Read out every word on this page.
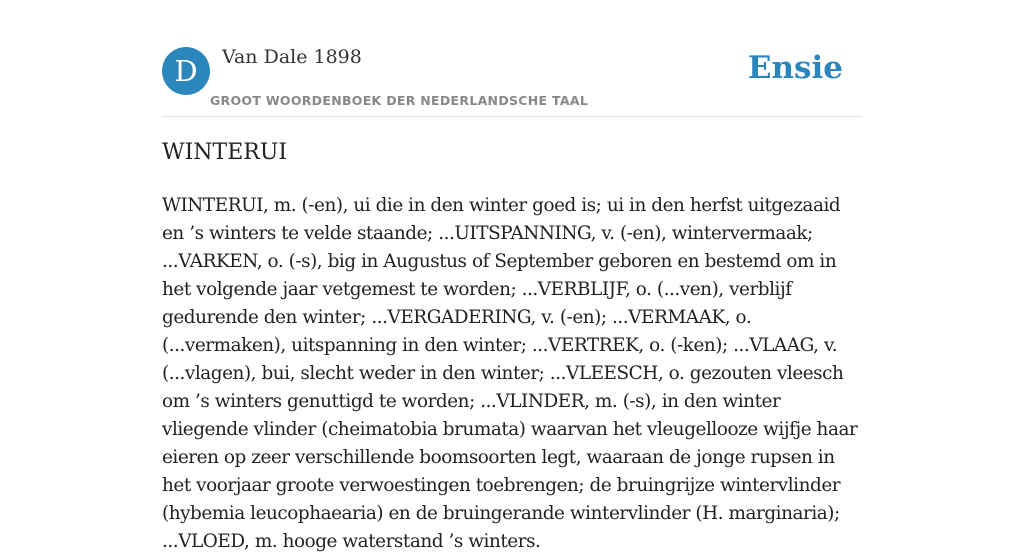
D	Van Dale 1898
GROOT WOORDENBOEK DER NEDERLANDSCHE TAAL
Ensie
WINTERUI

WINTERUI, m. (-en), ui die in den winter goed is; ui in den herfst uitgezaaid en ’s winters te velde staande; ...UITSPANNING, v. (-en), wintervermaak; ...VARKEN, o. (-s), big in Augustus of September geboren en bestemd om in het volgende jaar vetgemest te worden; ...VERBLIJF, o. (...ven), verblijf gedurende den winter; ...VERGADERING, v. (-en); ...VERMAAK, o. (...vermaken), uitspanning in den winter; ...VERTREK, o. (-ken); ...VLAAG, v. (...vlagen), bui, slecht weder in den winter; ...VLEESCH, o. gezouten vleesch om ’s winters genuttigd te worden; ...VLINDER, m. (-s), in den winter vliegende vlinder (cheimatobia brumata) waarvan het vleugellooze wijfje haar eieren op zeer verschillende boomsoorten legt, waaraan de jonge rupsen in het voorjaar groote verwoestingen toebrengen; de bruingrijze wintervlinder (hybemia leucophaearia) en de bruingerande wintervlinder (H. marginaria); ...VLOED, m. hooge waterstand ’s winters.
